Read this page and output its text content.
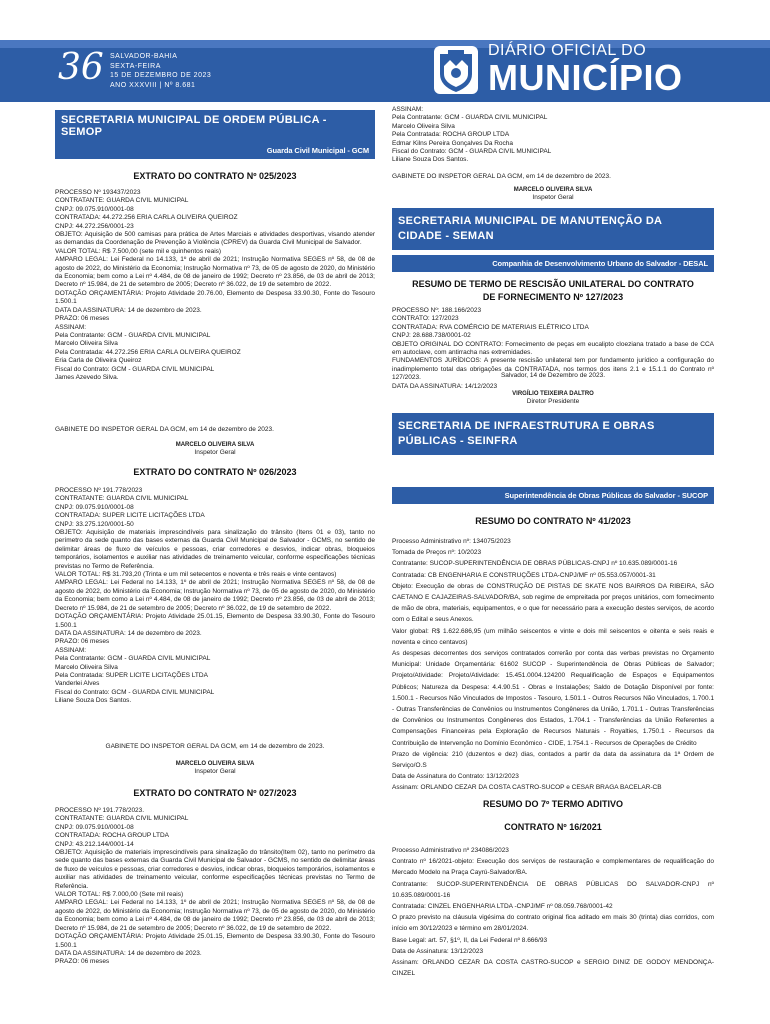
36 SALVADOR-BAHIA
SEXTA-FEIRA
15 DE DEZEMBRO DE 2023
ANO XXXVIII | Nº 8.681
DIÁRIO OFICIAL DO
MUNICÍPIO
SECRETARIA MUNICIPAL DE ORDEM PÚBLICA - SEMOP
Guarda Civil Municipal - GCM
EXTRATO DO CONTRATO Nº 025/2023
PROCESSO Nº 193437/2023
CONTRATANTE: GUARDA CIVIL MUNICIPAL
CNPJ: 09.075.910/0001-08
CONTRATADA: 44.272.256 ERIA CARLA OLIVEIRA QUEIROZ
CNPJ: 44.272.256/0001-23
OBJETO: Aquisição de 500 camisas para prática de Artes Marciais e atividades desportivas, visando atender as demandas da Coordenação de Prevenção à Violência (CPREV) da Guarda Civil Municipal de Salvador.
VALOR TOTAL: R$ 7.500,00 (sete mil e quinhentos reais)
AMPARO LEGAL: Lei Federal no 14.133, 1º de abril de 2021; Instrução Normativa SEGES nº 58, de 08 de agosto de 2022, do Ministério da Economia; Instrução Normativa nº 73, de 05 de agosto de 2020, do Ministério da Economia; bem como a Lei nº 4.484, de 08 de janeiro de 1992; Decreto nº 23.856, de 03 de abril de 2013; Decreto nº 15.984, de 21 de setembro de 2005; Decreto nº 36.022, de 19 de setembro de 2022.
DOTAÇÃO ORÇAMENTÁRIA: Projeto Atividade 20.76.00, Elemento de Despesa 33.90.30, Fonte do Tesouro 1.500.1
DATA DA ASSINATURA: 14 de dezembro de 2023.
PRAZO: 06 meses
ASSINAM:
Pela Contratante: GCM - GUARDA CIVIL MUNICIPAL
Marcelo Oliveira Silva
Pela Contratada: 44.272.256 ERIA CARLA OLIVEIRA QUEIROZ
Eria Carla de Oliveira Queiroz
Fiscal do Contrato: GCM - GUARDA CIVIL MUNICIPAL
James Azevedo Silva.
GABINETE DO INSPETOR GERAL DA GCM, em 14 de dezembro de 2023.
MARCELO OLIVEIRA SILVA
Inspetor Geral
EXTRATO DO CONTRATO Nº 026/2023
PROCESSO Nº 191.778/2023
CONTRATANTE: GUARDA CIVIL MUNICIPAL
CNPJ: 09.075.910/0001-08
CONTRATADA: SUPER LICITE LICITAÇÕES LTDA
CNPJ: 33.275.120/0001-50
OBJETO: Aquisição de materiais imprescindíveis para sinalização do trânsito (Itens 01 e 03), tanto no perímetro da sede quanto das bases externas da Guarda Civil Municipal de Salvador - GCMS, no sentido de delimitar áreas de fluxo de veículos e pessoas, criar corredores e desvios, indicar obras, bloqueios temporários, isolamentos e auxiliar nas atividades de treinamento veicular, conforme especificações técnicas previstas no Termo de Referência.
VALOR TOTAL: R$ 31.793,20 (Trinta e um mil setecentos e noventa e três reais e vinte centavos)
AMPARO LEGAL: Lei Federal no 14.133, 1º de abril de 2021; Instrução Normativa SEGES nº 58, de 08 de agosto de 2022, do Ministério da Economia; Instrução Normativa nº 73, de 05 de agosto de 2020, do Ministério da Economia; bem como a Lei nº 4.484, de 08 de janeiro de 1992; Decreto nº 23.856, de 03 de abril de 2013; Decreto nº 15.984, de 21 de setembro de 2005; Decreto nº 36.022, de 19 de setembro de 2022.
DOTAÇÃO ORÇAMENTÁRIA: Projeto Atividade 25.01.15, Elemento de Despesa 33.90.30, Fonte do Tesouro 1.500.1
DATA DA ASSINATURA: 14 de dezembro de 2023.
PRAZO: 06 meses
ASSINAM:
Pela Contratante: GCM - GUARDA CIVIL MUNICIPAL
Marcelo Oliveira Silva
Pela Contratada: SUPER LICITE LICITAÇÕES LTDA
Vanderlei Alves
Fiscal do Contrato: GCM - GUARDA CIVIL MUNICIPAL
Liliane Souza Dos Santos.
GABINETE DO INSPETOR GERAL DA GCM, em 14 de dezembro de 2023.
MARCELO OLIVEIRA SILVA
Inspetor Geral
EXTRATO DO CONTRATO Nº 027/2023
PROCESSO Nº 191.778/2023.
CONTRATANTE: GUARDA CIVIL MUNICIPAL
CNPJ: 09.075.910/0001-08
CONTRATADA: ROCHA GROUP LTDA
CNPJ: 43.212.144/0001-14
OBJETO: Aquisição de materiais imprescindíveis para sinalização do trânsito(Item 02), tanto no perímetro da sede quanto das bases externas da Guarda Civil Municipal de Salvador - GCMS, no sentido de delimitar áreas de fluxo de veículos e pessoas, criar corredores e desvios, indicar obras, bloqueios temporários, isolamentos e auxiliar nas atividades de treinamento veicular, conforme especificações técnicas previstas no Termo de Referência.
VALOR TOTAL: R$ 7.000,00 (Sete mil reais)
AMPARO LEGAL: Lei Federal no 14.133, 1º de abril de 2021; Instrução Normativa SEGES nº 58, de 08 de agosto de 2022, do Ministério da Economia; Instrução Normativa nº 73, de 05 de agosto de 2020, do Ministério da Economia; bem como a Lei nº 4.484, de 08 de janeiro de 1992; Decreto nº 23.856, de 03 de abril de 2013; Decreto nº 15.984, de 21 de setembro de 2005; Decreto nº 36.022, de 19 de setembro de 2022.
DOTAÇÃO ORÇAMENTÁRIA: Projeto Atividade 25.01.15, Elemento de Despesa 33.90.30, Fonte do Tesouro 1.500.1
DATA DA ASSINATURA: 14 de dezembro de 2023.
PRAZO: 06 meses
ASSINAM:
Pela Contratante: GCM - GUARDA CIVIL MUNICIPAL
Marcelo Oliveira Silva
Pela Contratada: ROCHA GROUP LTDA
Edmar Kilns Pereira Gonçalves Da Rocha
Fiscal do Contrato: GCM - GUARDA CIVIL MUNICIPAL
Liliane Souza Dos Santos.
GABINETE DO INSPETOR GERAL DA GCM, em 14 de dezembro de 2023.
MARCELO OLIVEIRA SILVA
Inspetor Geral
SECRETARIA MUNICIPAL DE MANUTENÇÃO DA CIDADE - SEMAN
Companhia de Desenvolvimento Urbano do Salvador - DESAL
RESUMO DE TERMO DE RESCISÃO UNILATERAL DO CONTRATO DE FORNECIMENTO Nº 127/2023
PROCESSO Nº: 188.166/2023
CONTRATO: 127/2023
CONTRATADA: RVA COMÉRCIO DE MATERIAIS ELÉTRICO LTDA
CNPJ: 28.688.738/0001-02
OBJETO ORIGINAL DO CONTRATO: Fornecimento de peças em eucalipto cloeziana tratado a base de CCA em autoclave, com antirracha nas extremidades.
FUNDAMENTOS JURÍDICOS: A presente rescisão unilateral tem por fundamento jurídico a configuração do inadimplemento total das obrigações da CONTRATADA, nos termos dos itens 2.1 e 15.1.1 do Contrato nº 127/2023.
DATA DA ASSINATURA: 14/12/2023
Salvador, 14 de Dezembro de 2023.
VIRGÍLIO TEIXEIRA DALTRO
Diretor Presidente
SECRETARIA DE INFRAESTRUTURA E OBRAS PÚBLICAS - SEINFRA
Superintendência de Obras Públicas do Salvador - SUCOP
RESUMO DO CONTRATO Nº 41/2023
Processo Administrativo nº: 134075/2023
Tomada de Preços nº: 10/2023
Contratante: SUCOP-SUPERINTENDÊNCIA DE OBRAS PÚBLICAS-CNPJ nº 10.635.089/0001-16
Contratada: CB ENGENHARIA E CONSTRUÇÕES LTDA-CNPJ/MF nº 05.553.057/0001-31
Objeto: Execução de obras de CONSTRUÇÃO DE PISTAS DE SKATE NOS BAIRROS DA RIBEIRA, SÃO CAETANO E CAJAZEIRAS-SALVADOR/BA, sob regime de empreitada por preços unitários, com fornecimento de mão de obra, materiais, equipamentos, e o que for necessário para a execução destes serviços, de acordo com o Edital e seus Anexos.
Valor global: R$ 1.622.686,95 (um milhão seiscentos e vinte e dois mil seiscentos e oitenta e seis reais e noventa e cinco centavos)
As despesas decorrentes dos serviços contratados correrão por conta das verbas previstas no Orçamento Municipal: Unidade Orçamentária: 61602 SUCOP - Superintendência de Obras Públicas de Salvador; Projeto/Atividade: Projeto/Atividade: 15.451.0004.124200 Requalificação de Espaços e Equipamentos Públicos; Natureza da Despesa: 4.4.90.51 - Obras e Instalações; Saldo de Dotação Disponível por fonte: 1.500.1 - Recursos Não Vinculados de Impostos - Tesouro, 1.501.1 - Outros Recursos Não Vinculados, 1.700.1 - Outras Transferências de Convênios ou Instrumentos Congêneres da União, 1.701.1 - Outras Transferências de Convênios ou Instrumentos Congêneres dos Estados, 1.704.1 - Transferências da União Referentes a Compensações Financeiras pela Exploração de Recursos Naturais - Royalties, 1.750.1 - Recursos da Contribuição de Intervenção no Domínio Econômico - CIDE, 1.754.1 - Recursos de Operações de Crédito
Prazo de vigência: 210 (duzentos e dez) dias, contados a partir da data da assinatura da 1ª Ordem de Serviço/O.S
Data de Assinatura do Contrato: 13/12/2023
Assinam: ORLANDO CEZAR DA COSTA CASTRO-SUCOP e CESAR BRAGA BACELAR-CB
RESUMO DO 7º TERMO ADITIVO
CONTRATO Nº 16/2021
Processo Administrativo nº 234086/2023
Contrato nº 16/2021-objeto: Execução dos serviços de restauração e complementares de requalificação do Mercado Modelo na Praça Cayrú-Salvador/BA.
Contratante: SUCOP-SUPERINTENDÊNCIA DE OBRAS PÚBLICAS DO SALVADOR-CNPJ nº 10.635.089/0001-16
Contratada: CINZEL ENGENHARIA LTDA -CNPJ/MF nº 08.059.768/0001-42
O prazo previsto na cláusula vigésima do contrato original fica aditado em mais 30 (trinta) dias corridos, com início em 30/12/2023 e término em 28/01/2024.
Base Legal: art. 57, §1º, II, da Lei Federal nº 8.666/93
Data de Assinatura: 13/12/2023
Assinam: ORLANDO CEZAR DA COSTA CASTRO-SUCOP e SERGIO DINIZ DE GODOY MENDONÇA-CINZEL
